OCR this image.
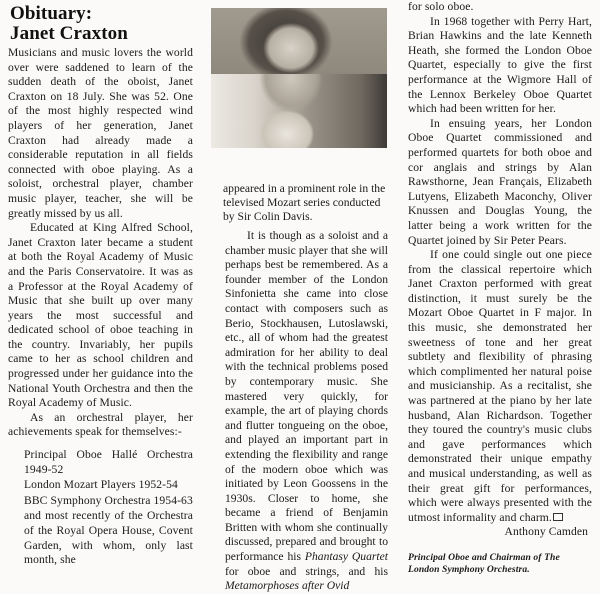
Obituary:
Janet Craxton

Musicians and music lovers the world over were saddened to learn of the sudden death of the oboist, Janet Craxton on 18 July. She was 52. One of the most highly respected wind players of her generation, Janet Craxton had already made a considerable reputation in all fields connected with oboe playing. As a soloist, orchestral player, chamber music player, teacher, she will be greatly missed by us all.

Educated at King Alfred School, Janet Craxton later became a student at both the Royal Academy of Music and the Paris Conservatoire. It was as a Professor at the Royal Academy of Music that she built up over many years the most successful and dedicated school of oboe teaching in the country. Invariably, her pupils came to her as school children and progressed under her guidance into the National Youth Orchestra and then the Royal Academy of Music.

As an orchestral player, her achievements speak for themselves:-

Principal Oboe Hallé Orchestra 1949-52
London Mozart Players 1952-54
BBC Symphony Orchestra 1954-63
and most recently of the Orchestra of the Royal Opera House, Covent Garden, with whom, only last month, she
appeared in a prominent role in the televised Mozart series conducted by Sir Colin Davis.

It is though as a soloist and a chamber music player that she will perhaps best be remembered. As a founder member of the London Sinfonietta she came into close contact with composers such as Berio, Stockhausen, Lutoslawski, etc., all of whom had the greatest admiration for her ability to deal with the technical problems posed by contemporary music. She mastered very quickly, for example, the art of playing chords and flutter tongueing on the oboe, and played an important part in extending the flexibility and range of the modern oboe which was initiated by Leon Goossens in the 1930s. Closer to home, she became a friend of Benjamin Britten with whom she continually discussed, prepared and brought to performance his Phantasy Quartet for oboe and strings, and his Metamorphoses after Ovid

for solo oboe.

In 1968 together with Perry Hart, Brian Hawkins and the late Kenneth Heath, she formed the London Oboe Quartet, especially to give the first performance at the Wigmore Hall of the Lennox Berkeley Oboe Quartet which had been written for her.

In ensuing years, her London Oboe Quartet commissioned and performed quartets for both oboe and cor anglais and strings by Alan Rawsthorne, Jean Français, Elizabeth Lutyens, Elizabeth Maconchy, Oliver Knussen and Douglas Young, the latter being a work written for the Quartet joined by Sir Peter Pears.

If one could single out one piece from the classical repertoire which Janet Craxton performed with great distinction, it must surely be the Mozart Oboe Quartet in F major. In this music, she demonstrated her sweetness of tone and her great subtlety and flexibility of phrasing which complimented her natural poise and musicianship. As a recitalist, she was partnered at the piano by her late husband, Alan Richardson. Together they toured the country's music clubs and gave performances which demonstrated their unique empathy and musical understanding, as well as their great gift for performances, which were always presented with the utmost informality and charm.

Anthony Camden

Principal Oboe and Chairman of The London Symphony Orchestra.
